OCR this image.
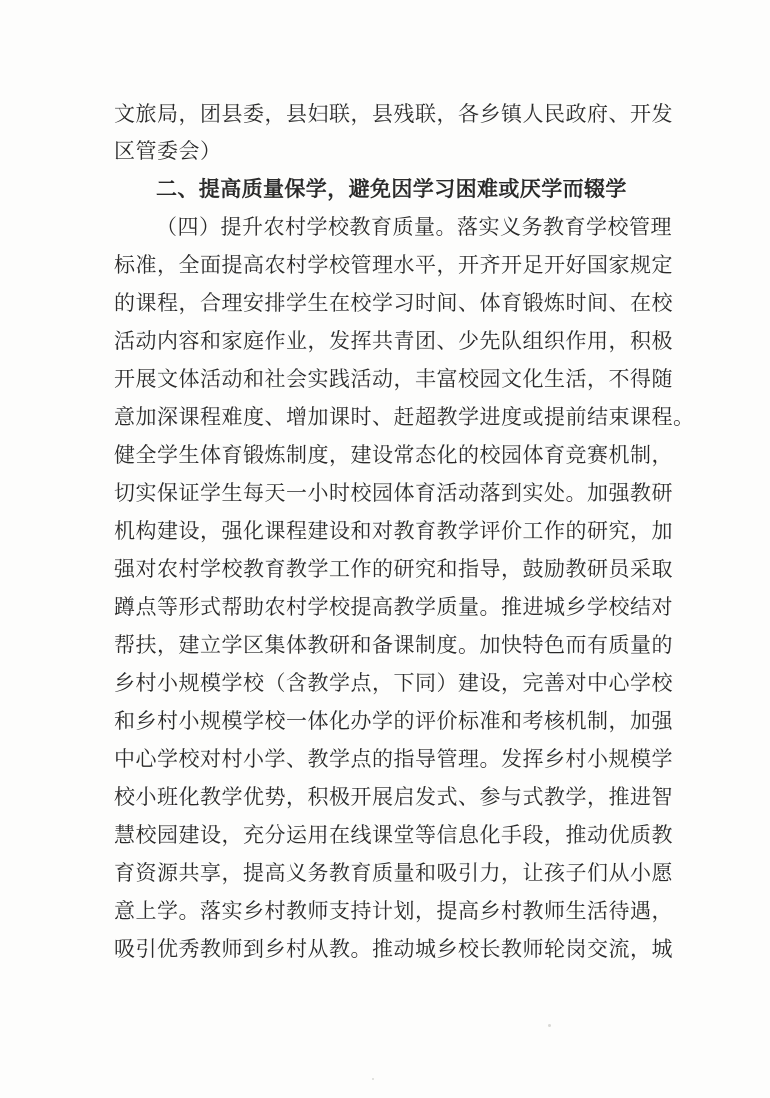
文旅局，团县委，县妇联，县残联，各乡镇人民政府、开发
区管委会）
二、提高质量保学，避免因学习困难或厌学而辍学
（四）提升农村学校教育质量。落实义务教育学校管理
标准，全面提高农村学校管理水平，开齐开足开好国家规定
的课程，合理安排学生在校学习时间、体育锻炼时间、在校
活动内容和家庭作业，发挥共青团、少先队组织作用，积极
开展文体活动和社会实践活动，丰富校园文化生活，不得随
意加深课程难度、增加课时、赶超教学进度或提前结束课程。
健全学生体育锻炼制度，建设常态化的校园体育竞赛机制，
切实保证学生每天一小时校园体育活动落到实处。加强教研
机构建设，强化课程建设和对教育教学评价工作的研究，加
强对农村学校教育教学工作的研究和指导，鼓励教研员采取
蹲点等形式帮助农村学校提高教学质量。推进城乡学校结对
帮扶，建立学区集体教研和备课制度。加快特色而有质量的
乡村小规模学校（含教学点，下同）建设，完善对中心学校
和乡村小规模学校一体化办学的评价标准和考核机制，加强
中心学校对村小学、教学点的指导管理。发挥乡村小规模学
校小班化教学优势，积极开展启发式、参与式教学，推进智
慧校园建设，充分运用在线课堂等信息化手段，推动优质教
育资源共享，提高义务教育质量和吸引力，让孩子们从小愿
意上学。落实乡村教师支持计划，提高乡村教师生活待遇，
吸引优秀教师到乡村从教。推动城乡校长教师轮岗交流，城
